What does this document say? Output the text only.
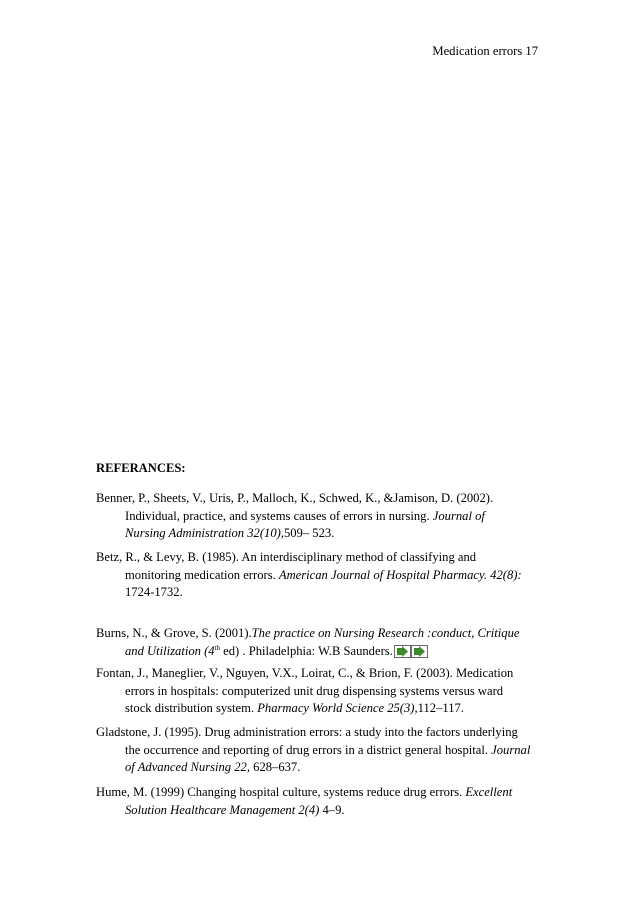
Medication errors 17
REFERANCES:
Benner, P., Sheets, V., Uris, P., Malloch, K., Schwed, K., &Jamison, D. (2002).
Individual, practice, and systems causes of errors in nursing. Journal of
Nursing Administration 32(10),509– 523.
Betz, R., & Levy, B. (1985). An interdisciplinary method of classifying and
monitoring medication errors. American Journal of Hospital Pharmacy. 42(8):
1724-1732.
Burns, N., & Grove, S. (2001).The practice on Nursing Research :conduct, Critique
and Utilization (4th ed) . Philadelphia: W.B Saunders.
Fontan, J., Maneglier, V., Nguyen, V.X., Loirat, C., & Brion, F. (2003). Medication
errors in hospitals: computerized unit drug dispensing systems versus ward
stock distribution system. Pharmacy World Science 25(3),112–117.
Gladstone, J. (1995). Drug administration errors: a study into the factors underlying
the occurrence and reporting of drug errors in a district general hospital. Journal
of Advanced Nursing 22, 628–637.
Hume, M. (1999) Changing hospital culture, systems reduce drug errors. Excellent
Solution Healthcare Management 2(4) 4–9.
